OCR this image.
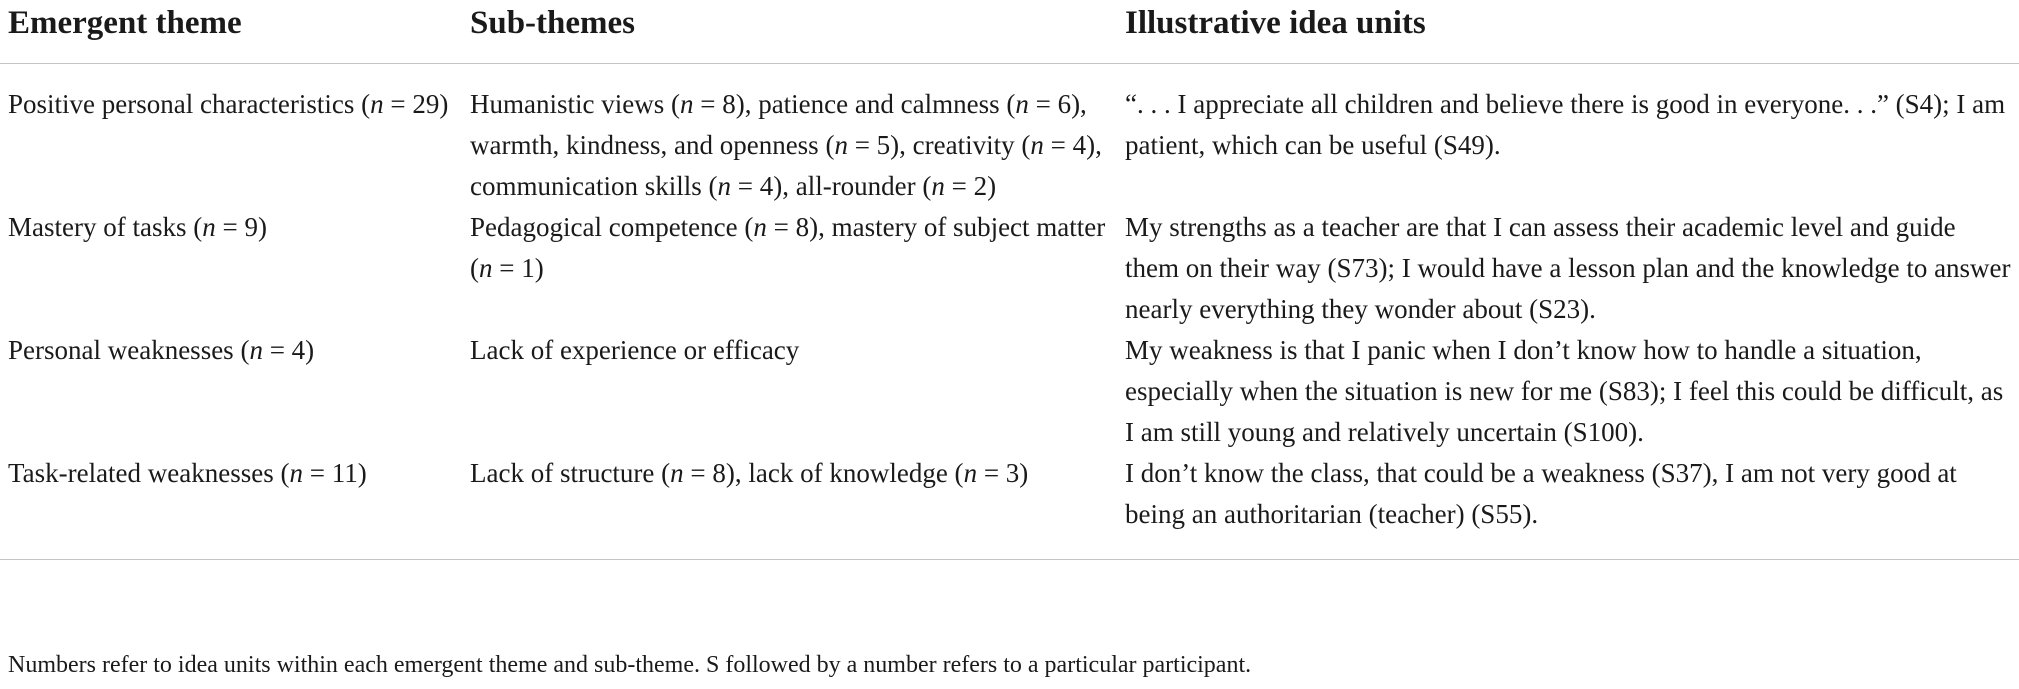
Emergent theme	Sub-themes	Illustrative idea units
Positive personal characteristics (n = 29)	Humanistic views (n = 8), patience and calmness (n = 6), warmth, kindness, and openness (n = 5), creativity (n = 4), communication skills (n = 4), all-rounder (n = 2)	“. . . I appreciate all children and believe there is good in everyone. . .” (S4); I am patient, which can be useful (S49).
Mastery of tasks (n = 9)	Pedagogical competence (n = 8), mastery of subject matter (n = 1)	My strengths as a teacher are that I can assess their academic level and guide them on their way (S73); I would have a lesson plan and the knowledge to answer nearly everything they wonder about (S23).
Personal weaknesses (n = 4)	Lack of experience or efficacy	My weakness is that I panic when I don’t know how to handle a situation, especially when the situation is new for me (S83); I feel this could be difficult, as I am still young and relatively uncertain (S100).
Task-related weaknesses (n = 11)	Lack of structure (n = 8), lack of knowledge (n = 3)	I don’t know the class, that could be a weakness (S37), I am not very good at being an authoritarian (teacher) (S55).
Numbers refer to idea units within each emergent theme and sub-theme. S followed by a number refers to a particular participant.
